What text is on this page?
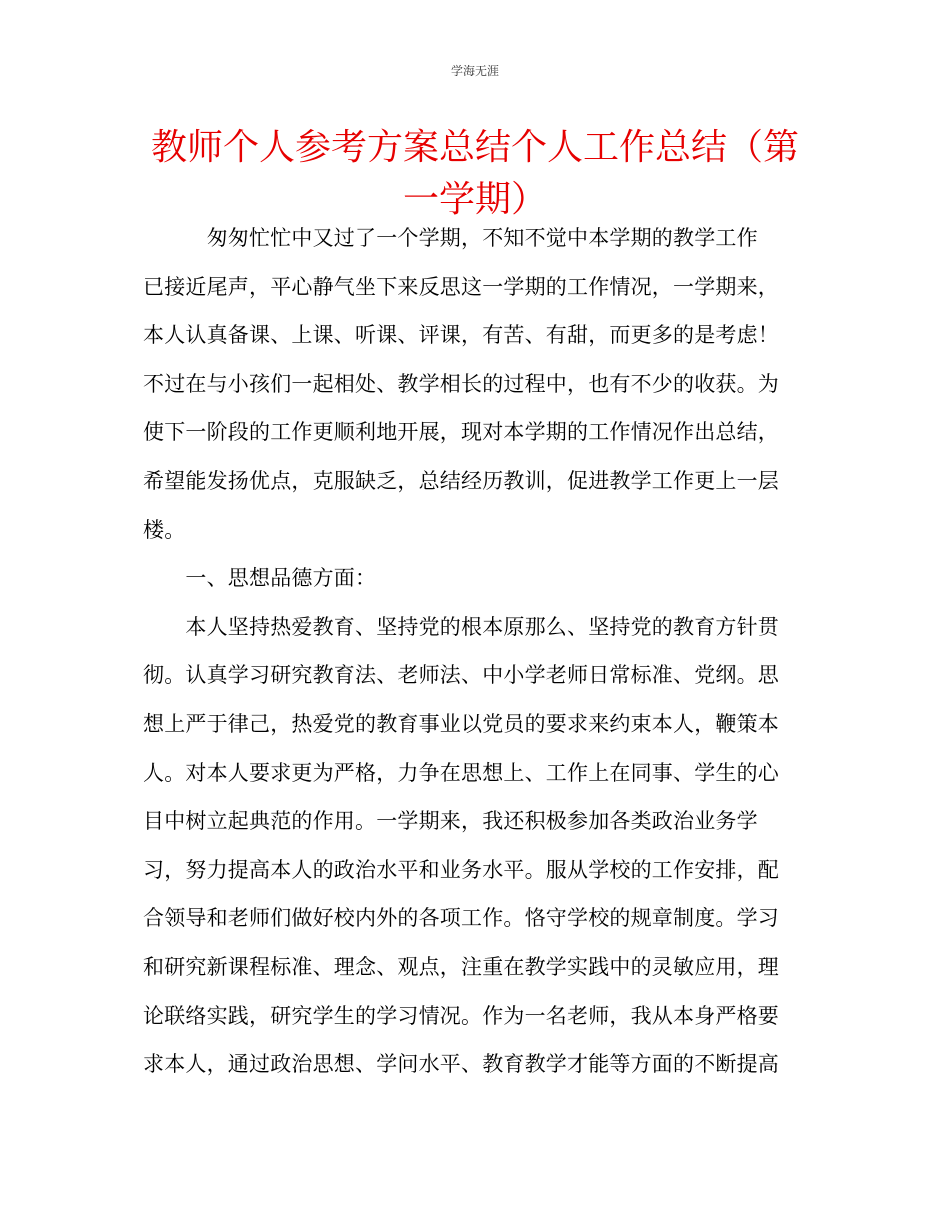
学海无涯
教师个人参考方案总结个人工作总结（第
一学期）
　　　匆匆忙忙中又过了一个学期，不知不觉中本学期的教学工作
已接近尾声，平心静气坐下来反思这一学期的工作情况，一学期来，
本人认真备课、上课、听课、评课，有苦、有甜，而更多的是考虑！
不过在与小孩们一起相处、教学相长的过程中，也有不少的收获。为
使下一阶段的工作更顺利地开展，现对本学期的工作情况作出总结，
希望能发扬优点，克服缺乏，总结经历教训，促进教学工作更上一层
楼。
　　一、思想品德方面：
　　本人坚持热爱教育、坚持党的根本原那么、坚持党的教育方针贯
彻。认真学习研究教育法、老师法、中小学老师日常标准、党纲。思
想上严于律己，热爱党的教育事业以党员的要求来约束本人，鞭策本
人。对本人要求更为严格，力争在思想上、工作上在同事、学生的心
目中树立起典范的作用。一学期来，我还积极参加各类政治业务学
习，努力提高本人的政治水平和业务水平。服从学校的工作安排，配
合领导和老师们做好校内外的各项工作。恪守学校的规章制度。学习
和研究新课程标准、理念、观点，注重在教学实践中的灵敏应用，理
论联络实践，研究学生的学习情况。作为一名老师，我从本身严格要
求本人，通过政治思想、学问水平、教育教学才能等方面的不断提高
